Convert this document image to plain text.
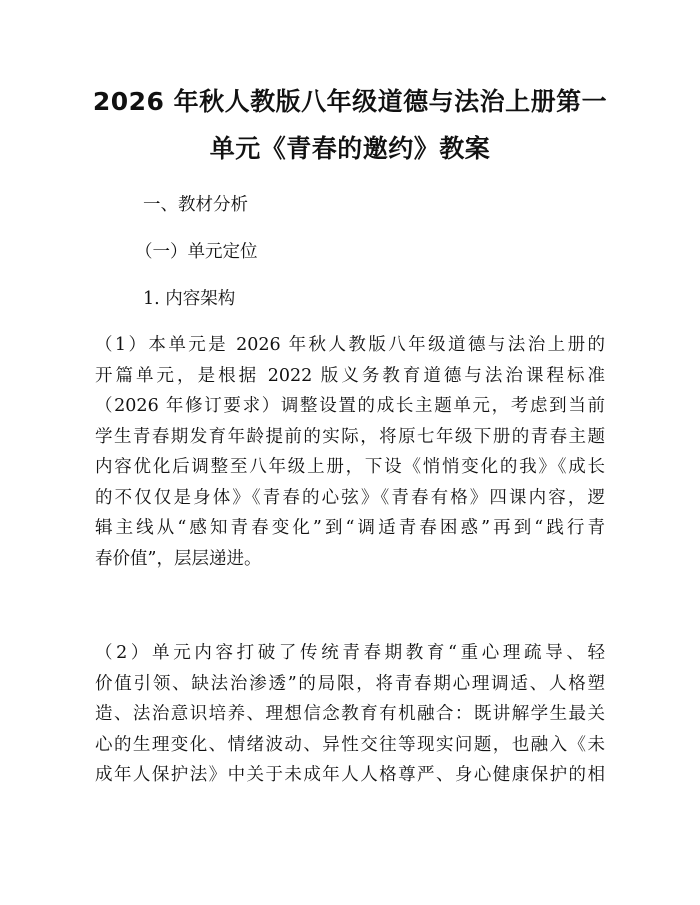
2026 年秋人教版八年级道德与法治上册第一
单元《青春的邀约》教案
一、教材分析
（一）单元定位
1. 内容架构
（1）本单元是 2026 年秋人教版八年级道德与法治上册的
开篇单元，是根据 2022 版义务教育道德与法治课程标准
（2026 年修订要求）调整设置的成长主题单元，考虑到当前
学生青春期发育年龄提前的实际，将原七年级下册的青春主题
内容优化后调整至八年级上册，下设《悄悄变化的我》《成长
的不仅仅是身体》《青春的心弦》《青春有格》四课内容，逻
辑主线从“感知青春变化”到“调适青春困惑”再到“践行青
春价值”，层层递进。
（2）单元内容打破了传统青春期教育“重心理疏导、轻
价值引领、缺法治渗透”的局限，将青春期心理调适、人格塑
造、法治意识培养、理想信念教育有机融合：既讲解学生最关
心的生理变化、情绪波动、异性交往等现实问题，也融入《未
成年人保护法》中关于未成年人人格尊严、身心健康保护的相
